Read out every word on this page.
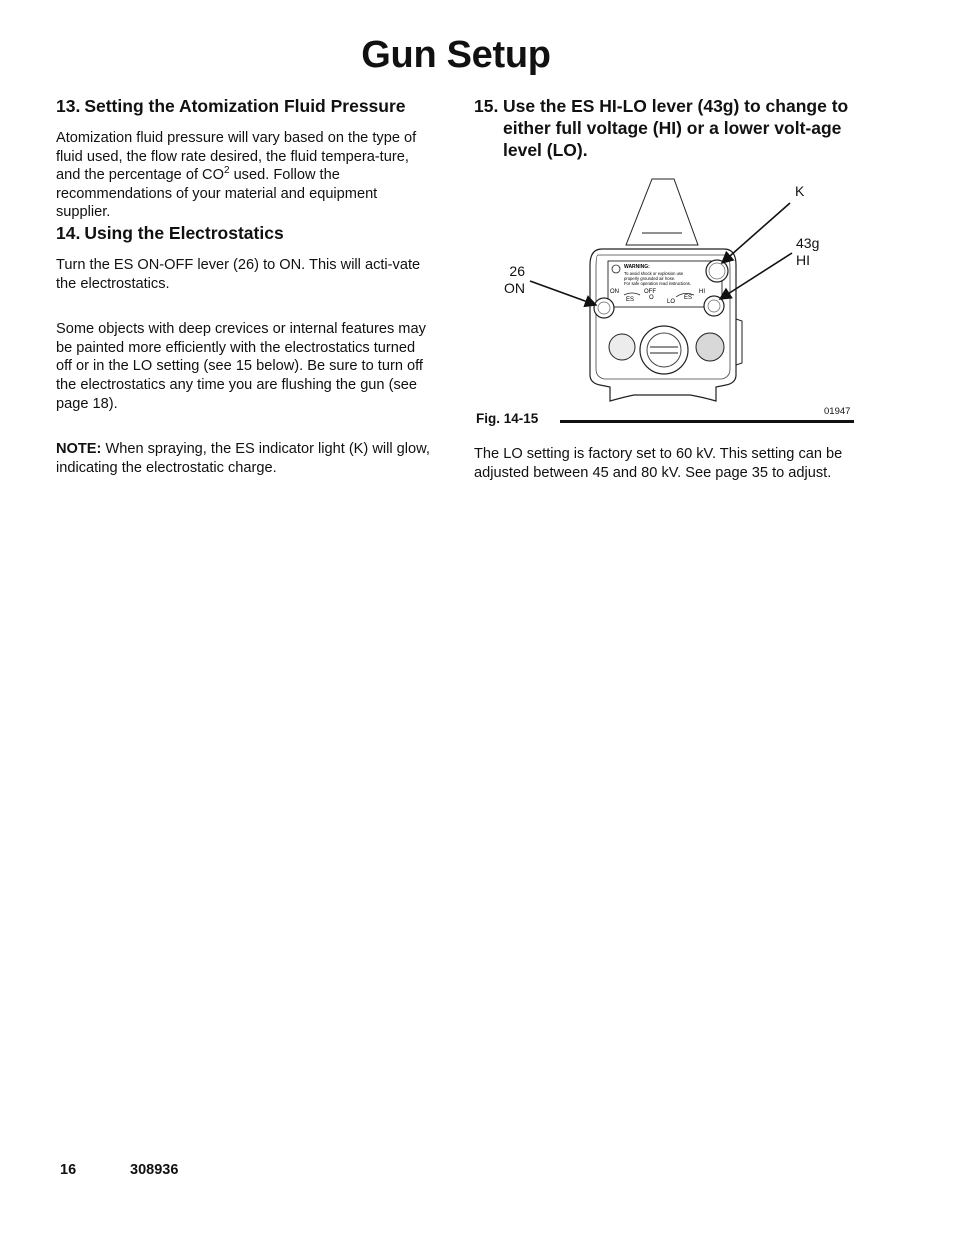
Gun Setup
13. Setting the Atomization Fluid Pressure

Atomization fluid pressure will vary based on the type of fluid used, the flow rate desired, the fluid tempera-ture, and the percentage of $CO^2$ used. Follow the recommendations of your material and equipment supplier.

14. Using the Electrostatics

Turn the ES ON-OFF lever (26) to ON. This will acti-vate the electrostatics.

Some objects with deep crevices or internal features may be painted more efficiently with the electrostatics turned off or in the LO setting (see 15 below). Be sure to turn off the electrostatics any time you are flushing the gun (see page 18).

NOTE: When spraying, the ES indicator light (K) will glow, indicating the electrostatic charge.

15. Use the ES HI-LO lever (43g) to change to either full voltage (HI) or a lower volt-age level (LO).
WARNING:
To avoid shock or explosion use
properly grounded air hose.
For safe operation read instructions.
ON
ES
OFF
O
HI
LO
ES
K
43g
HI
26
ON
Fig. 14-15	01947

The LO setting is factory set to 60 kV. This setting can be adjusted between 45 and 80 kV. See page 35 to adjust.

16	308936
